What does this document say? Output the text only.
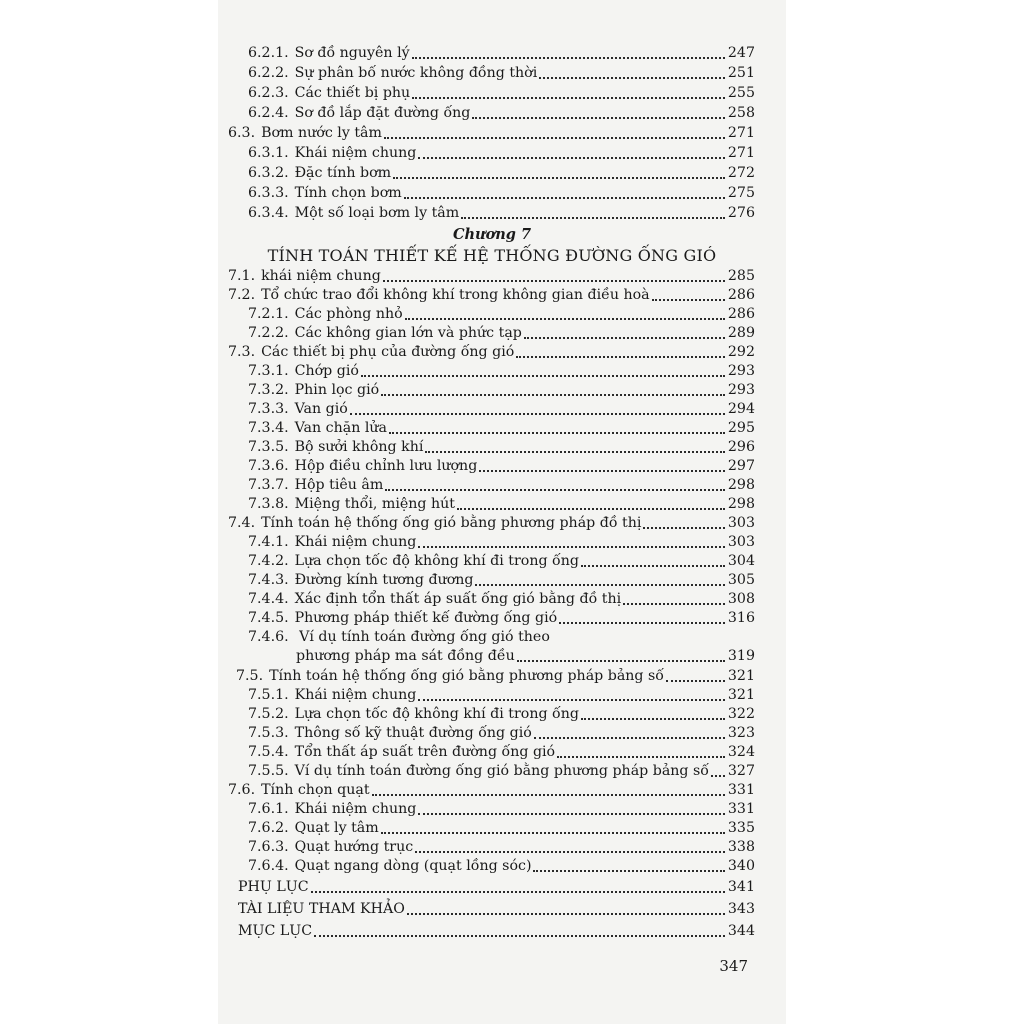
6.2.1. Sơ đồ nguyên lý	247
6.2.2. Sự phân bố nước không đồng thời	251
6.2.3. Các thiết bị phụ	255
6.2.4. Sơ đồ lắp đặt đường ống	258
6.3. Bơm nước ly tâm	271
6.3.1. Khái niệm chung	271
6.3.2. Đặc tính bơm	272
6.3.3. Tính chọn bơm	275
6.3.4. Một số loại bơm ly tâm	276
Chương 7
TÍNH TOÁN THIẾT KẾ HỆ THỐNG ĐƯỜNG ỐNG GIÓ
7.1. khái niệm chung	285
7.2. Tổ chức trao đổi không khí trong không gian điều hoà	286
7.2.1. Các phòng nhỏ	286
7.2.2. Các không gian lớn và phức tạp	289
7.3. Các thiết bị phụ của đường ống gió	292
7.3.1. Chớp gió	293
7.3.2. Phin lọc gió	293
7.3.3. Van gió	294
7.3.4. Van chặn lửa	295
7.3.5. Bộ sưởi không khí	296
7.3.6. Hộp điều chỉnh lưu lượng	297
7.3.7. Hộp tiêu âm	298
7.3.8. Miệng thổi, miệng hút	298
7.4. Tính toán hệ thống ống gió bằng phương pháp đồ thị	303
7.4.1. Khái niệm chung	303
7.4.2. Lựa chọn tốc độ không khí đi trong ống	304
7.4.3. Đường kính tương đương	305
7.4.4. Xác định tổn thất áp suất ống gió bằng đồ thị	308
7.4.5. Phương pháp thiết kế đường ống gió	316
7.4.6. Ví dụ tính toán đường ống gió theo
phương pháp ma sát đồng đều	319
7.5. Tính toán hệ thống ống gió bằng phương pháp bảng số	321
7.5.1. Khái niệm chung	321
7.5.2. Lựa chọn tốc độ không khí đi trong ống	322
7.5.3. Thông số kỹ thuật đường ống gió	323
7.5.4. Tổn thất áp suất trên đường ống gió	324
7.5.5. Ví dụ tính toán đường ống gió bằng phương pháp bảng số 327
7.6. Tính chọn quạt	331
7.6.1. Khái niệm chung	331
7.6.2. Quạt ly tâm	335
7.6.3. Quạt hướng trục	338
7.6.4. Quạt ngang dòng (quạt lồng sóc)	340
PHỤ LỤC	341
TÀI LIỆU THAM KHẢO	343
MỤC LỤC	344
347
